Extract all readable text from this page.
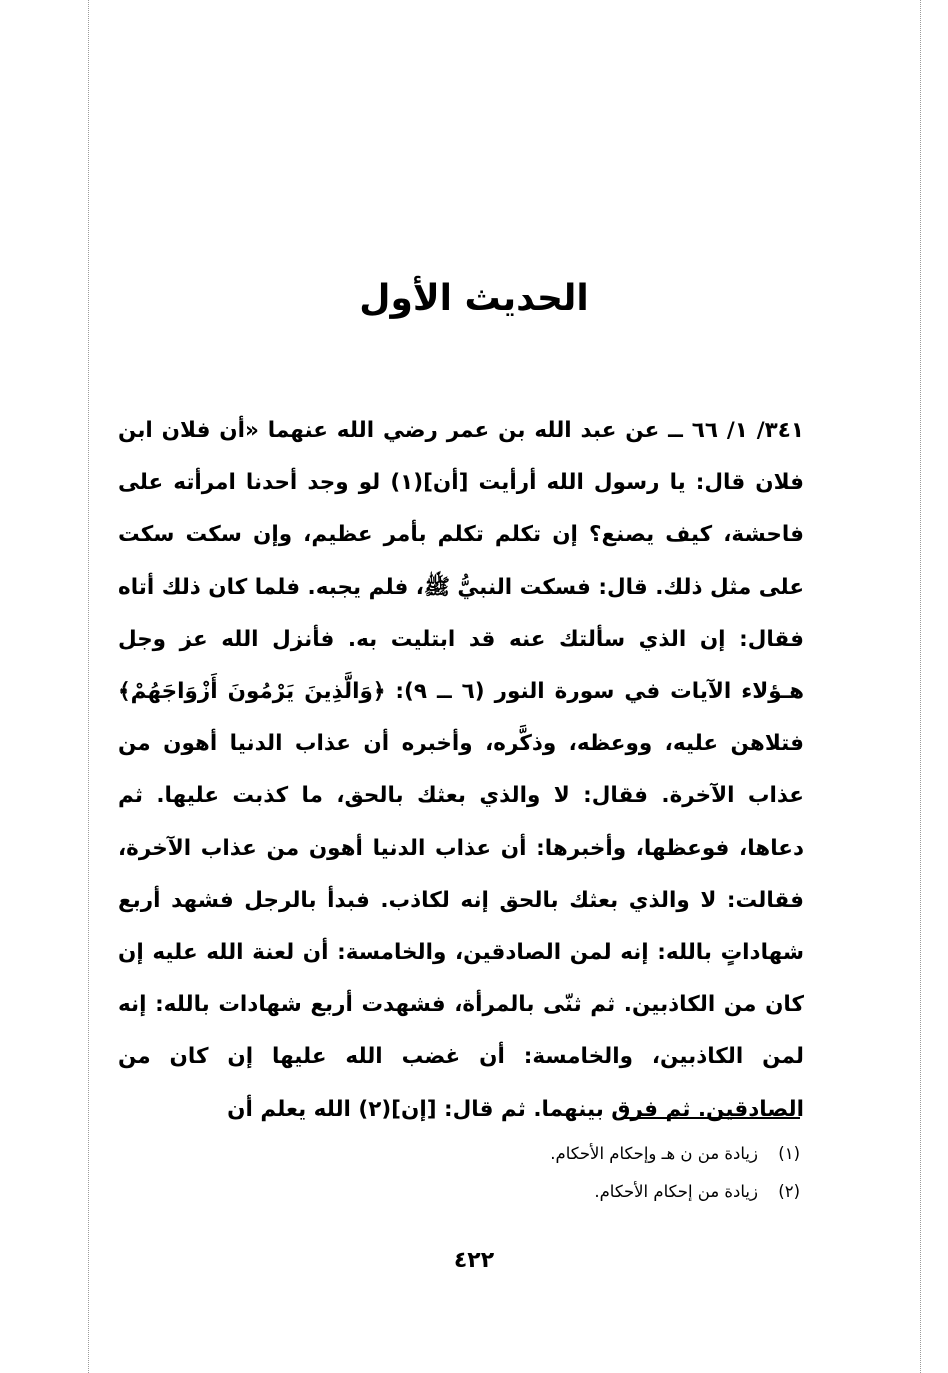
الحديث الأول
٣٤١/ ١/ ٦٦ ــ عن عبد الله بن عمر رضي الله عنهما «أن فلان ابن فلان قال: يا رسول الله أرأيت [أن](١) لو وجد أحدنا امرأته على فاحشة، كيف يصنع؟ إن تكلم تكلم بأمر عظيم، وإن سكت سكت على مثل ذلك. قال: فسكت النبيُّ ﷺ، فلم يجبه. فلما كان ذلك أتاه فقال: إن الذي سألتك عنه قد ابتليت به. فأنزل الله عز وجل هـؤلاء الآيات في سورة النور (٦ ــ ٩): ﴿وَالَّذِينَ يَرْمُونَ أَزْوَاجَهُمْ﴾ فتلاهن عليه، ووعظه، وذكَّره، وأخبره أن عذاب الدنيا أهون من عذاب الآخرة. فقال: لا والذي بعثك بالحق، ما كذبت عليها. ثم دعاها، فوعظها، وأخبرها: أن عذاب الدنيا أهون من عذاب الآخرة، فقالت: لا والذي بعثك بالحق إنه لكاذب. فبدأ بالرجل فشهد أربع شهاداتٍ بالله: إنه لمن الصادقين، والخامسة: أن لعنة الله عليه إن كان من الكاذبين. ثم ثنّى بالمرأة، فشهدت أربع شهادات بالله: إنه لمن الكاذبين، والخامسة: أن غضب الله عليها إن كان من الصادقين. ثم فرق بينهما. ثم قال: [إن](٢) الله يعلم أن
(١)زيادة من ن هـ وإحكام الأحكام.
(٢)زيادة من إحكام الأحكام.
٤٢٢
